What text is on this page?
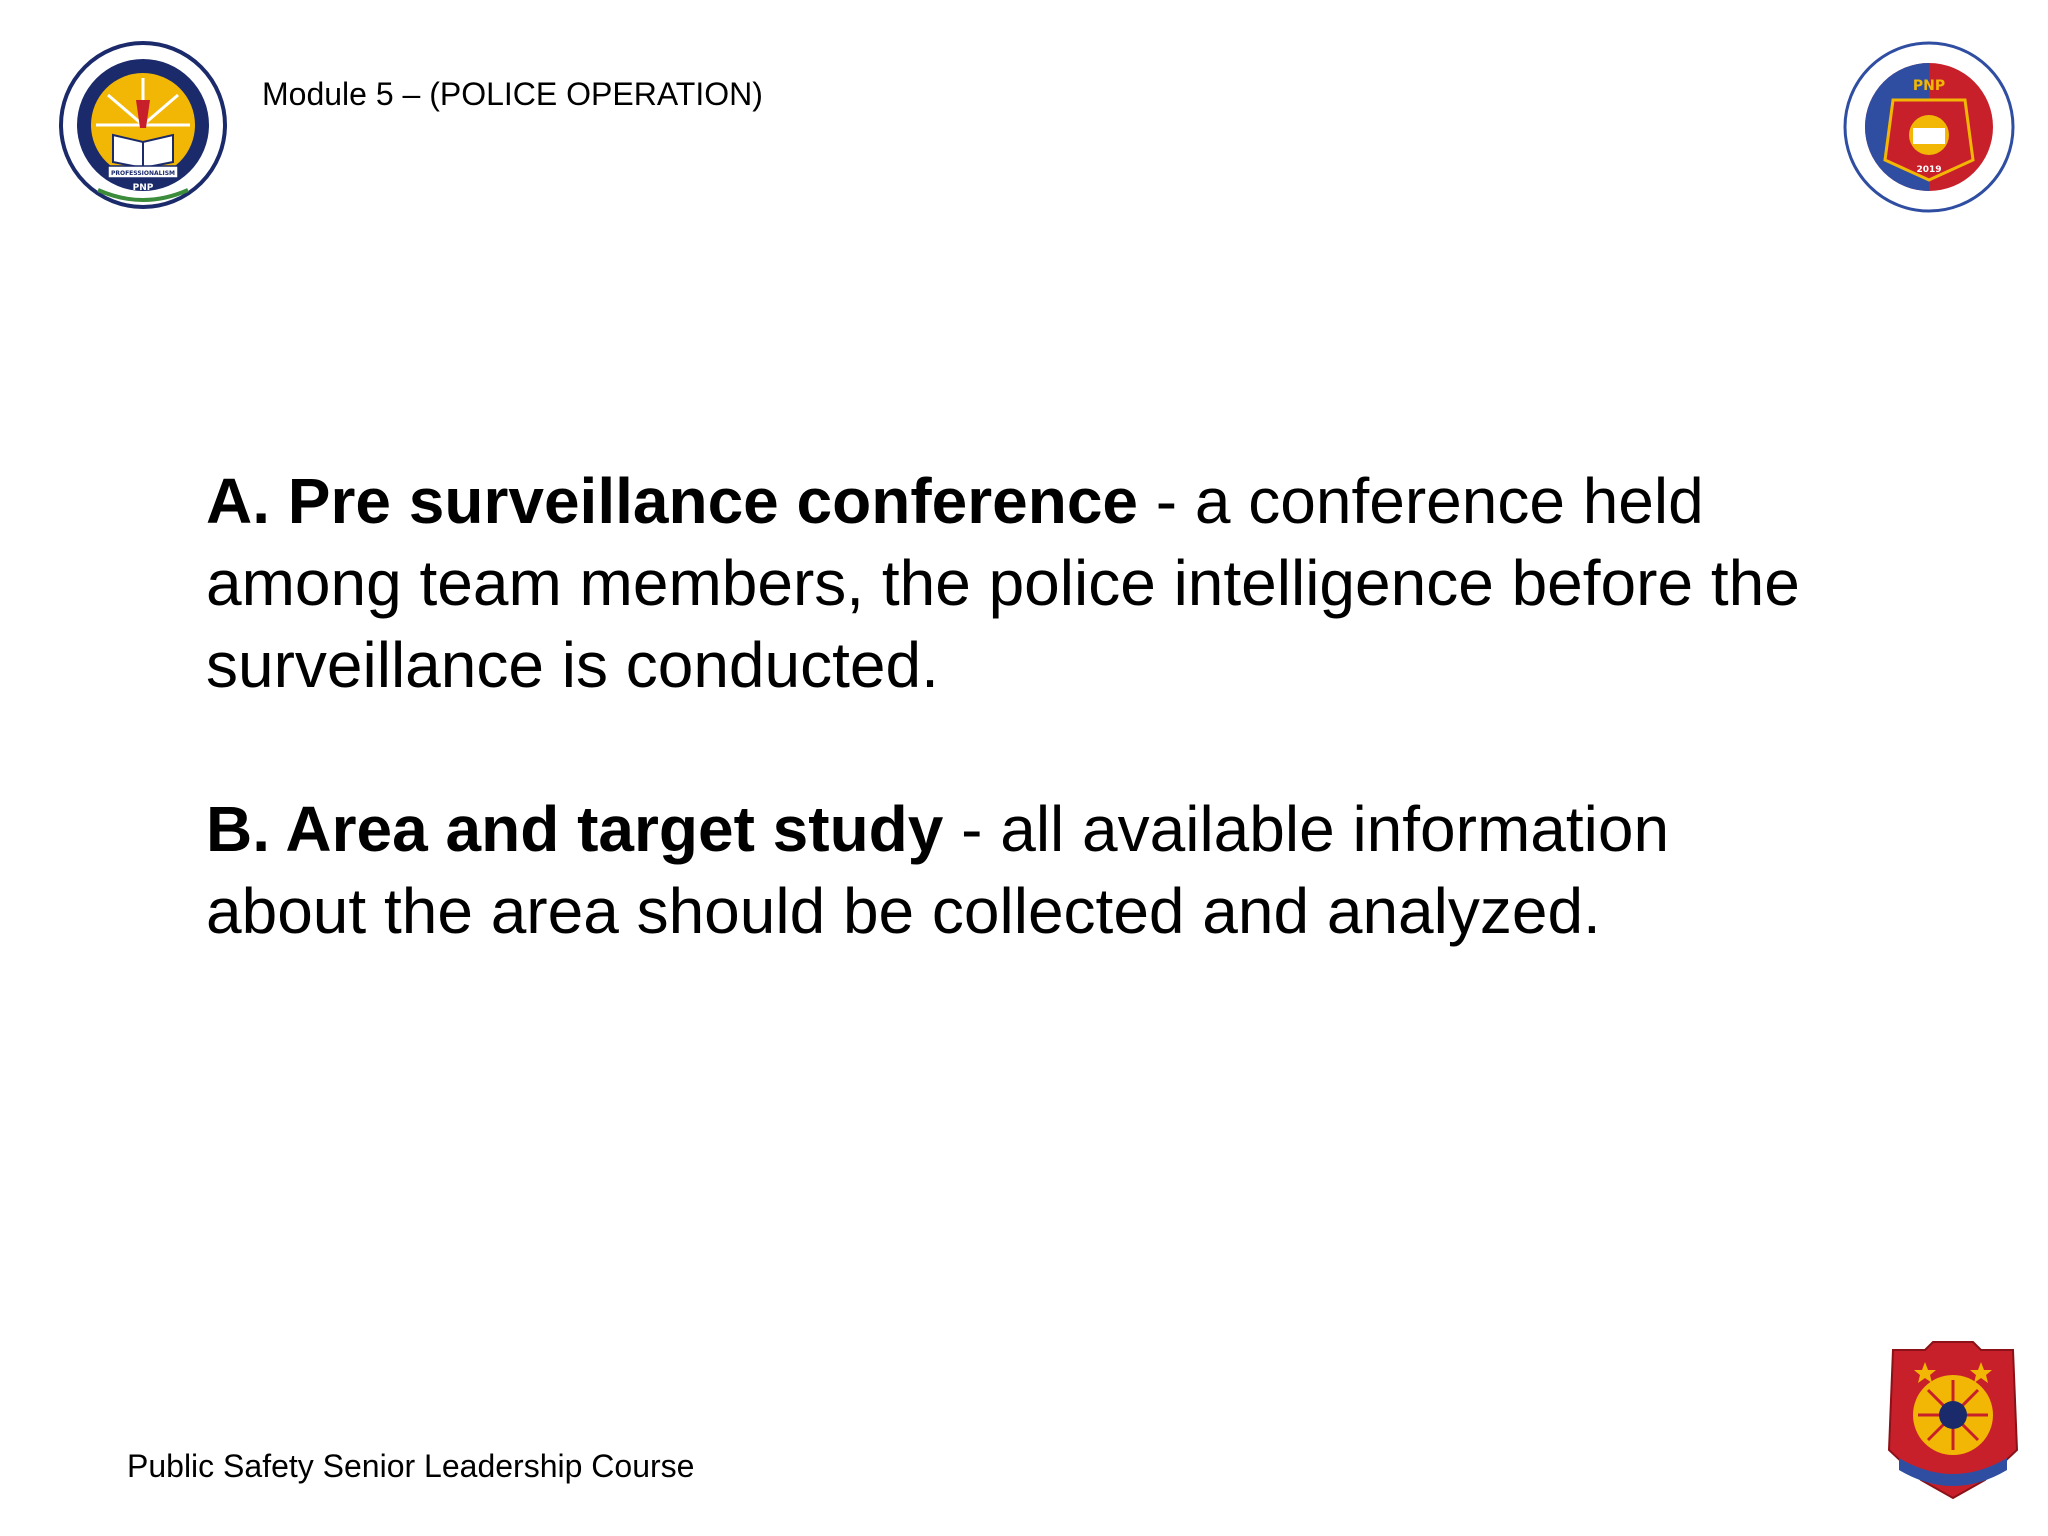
PROFESSIONALISM
PNP
Module 5 – (POLICE OPERATION)	PNP
2019

A. Pre surveillance conference - a conference held among team members, the police intelligence before the surveillance is conducted.

B. Area and target study - all available information about the area should be collected and analyzed.

Public Safety Senior Leadership Course
